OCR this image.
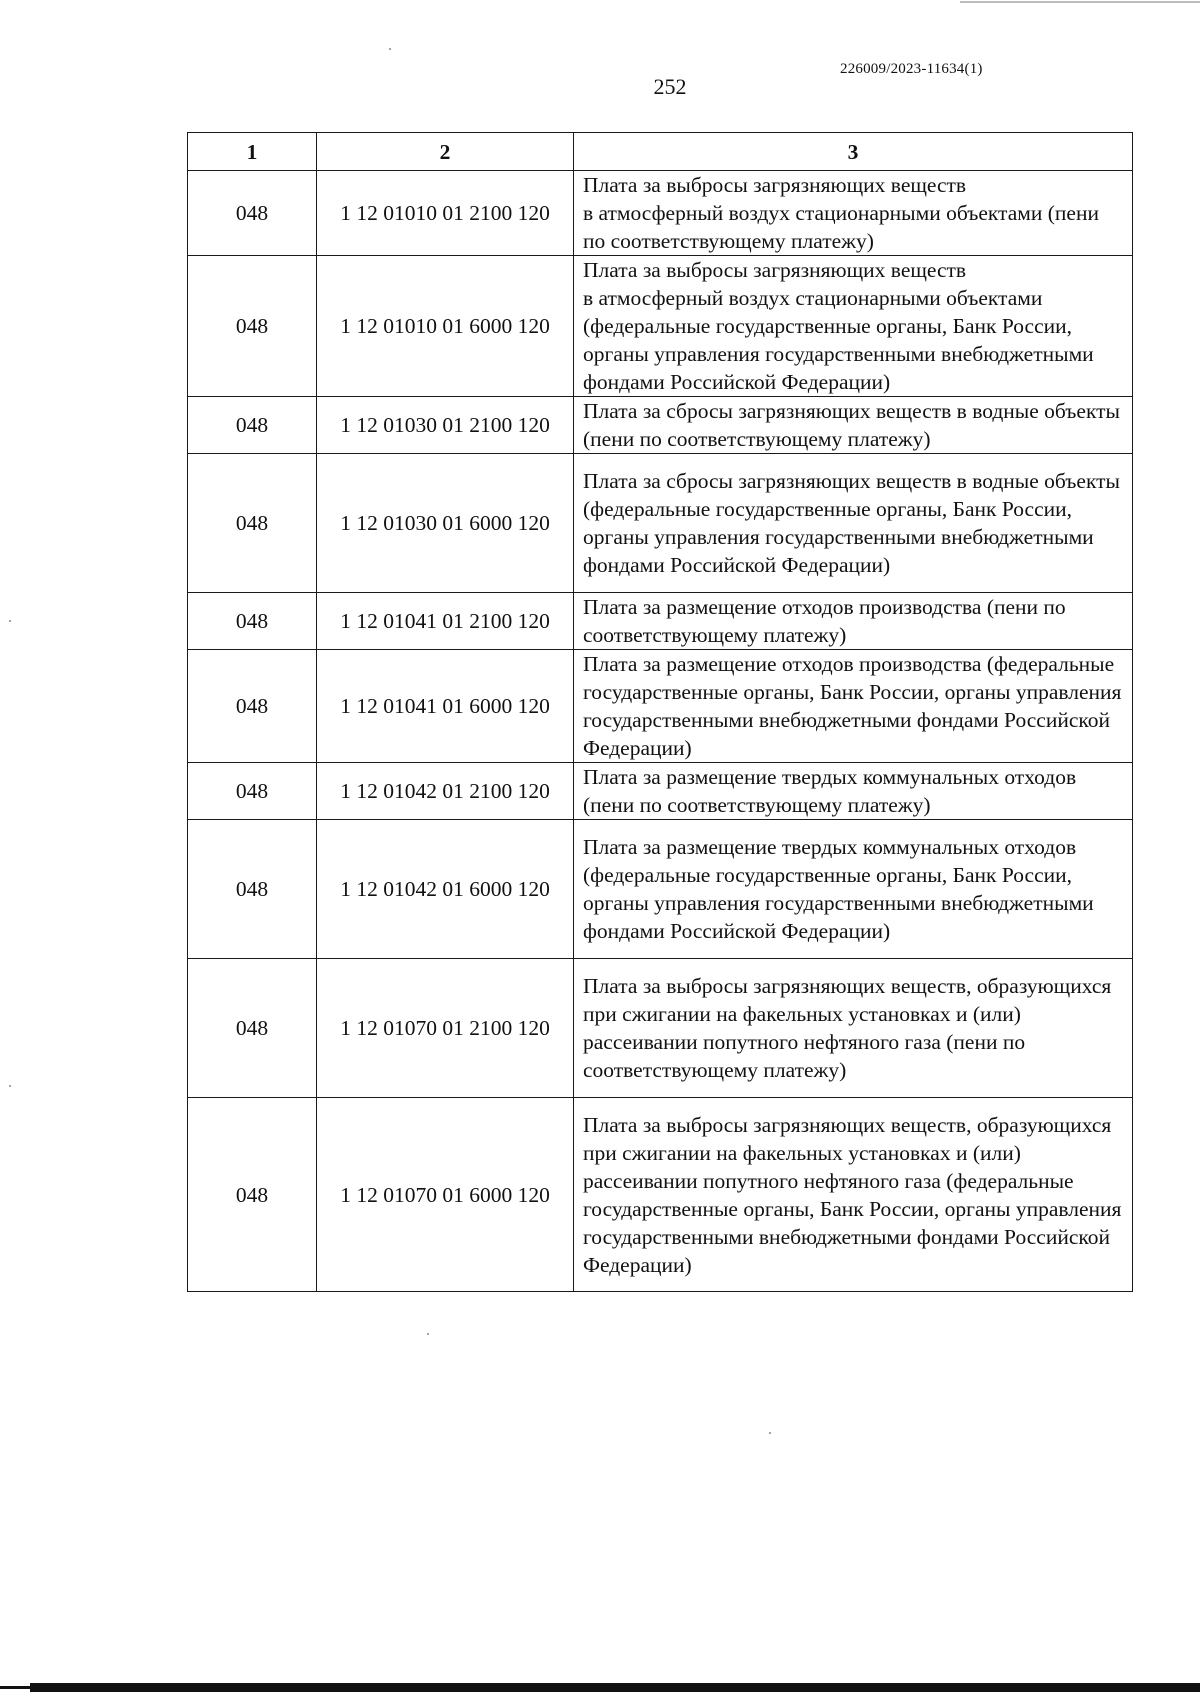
226009/2023-11634(1)
252
1	2	3
048	1 12 01010 01 2100 120	Плата за выбросы загрязняющих веществ
в атмосферный воздух стационарными объектами (пени по соответствующему платежу)
048	1 12 01010 01 6000 120	Плата за выбросы загрязняющих веществ
в атмосферный воздух стационарными объектами (федеральные государственные органы, Банк России, органы управления государственными внебюджетными фондами Российской Федерации)
048	1 12 01030 01 2100 120	Плата за сбросы загрязняющих веществ в водные объекты (пени по соответствующему платежу)
048	1 12 01030 01 6000 120	Плата за сбросы загрязняющих веществ в водные объекты (федеральные государственные органы, Банк России, органы управления государственными внебюджетными фондами Российской Федерации)
048	1 12 01041 01 2100 120	Плата за размещение отходов производства (пени по соответствующему платежу)
048	1 12 01041 01 6000 120	Плата за размещение отходов производства (федеральные государственные органы, Банк России, органы управления государственными внебюджетными фондами Российской Федерации)
048	1 12 01042 01 2100 120	Плата за размещение твердых коммунальных отходов (пени по соответствующему платежу)
048	1 12 01042 01 6000 120	Плата за размещение твердых коммунальных отходов (федеральные государственные органы, Банк России, органы управления государственными внебюджетными фондами Российской Федерации)
048	1 12 01070 01 2100 120	Плата за выбросы загрязняющих веществ, образующихся при сжигании на факельных установках и (или) рассеивании попутного нефтяного газа (пени по соответствующему платежу)
048	1 12 01070 01 6000 120	Плата за выбросы загрязняющих веществ, образующихся при сжигании на факельных установках и (или) рассеивании попутного нефтяного газа (федеральные государственные органы, Банк России, органы управления государственными внебюджетными фондами Российской Федерации)
